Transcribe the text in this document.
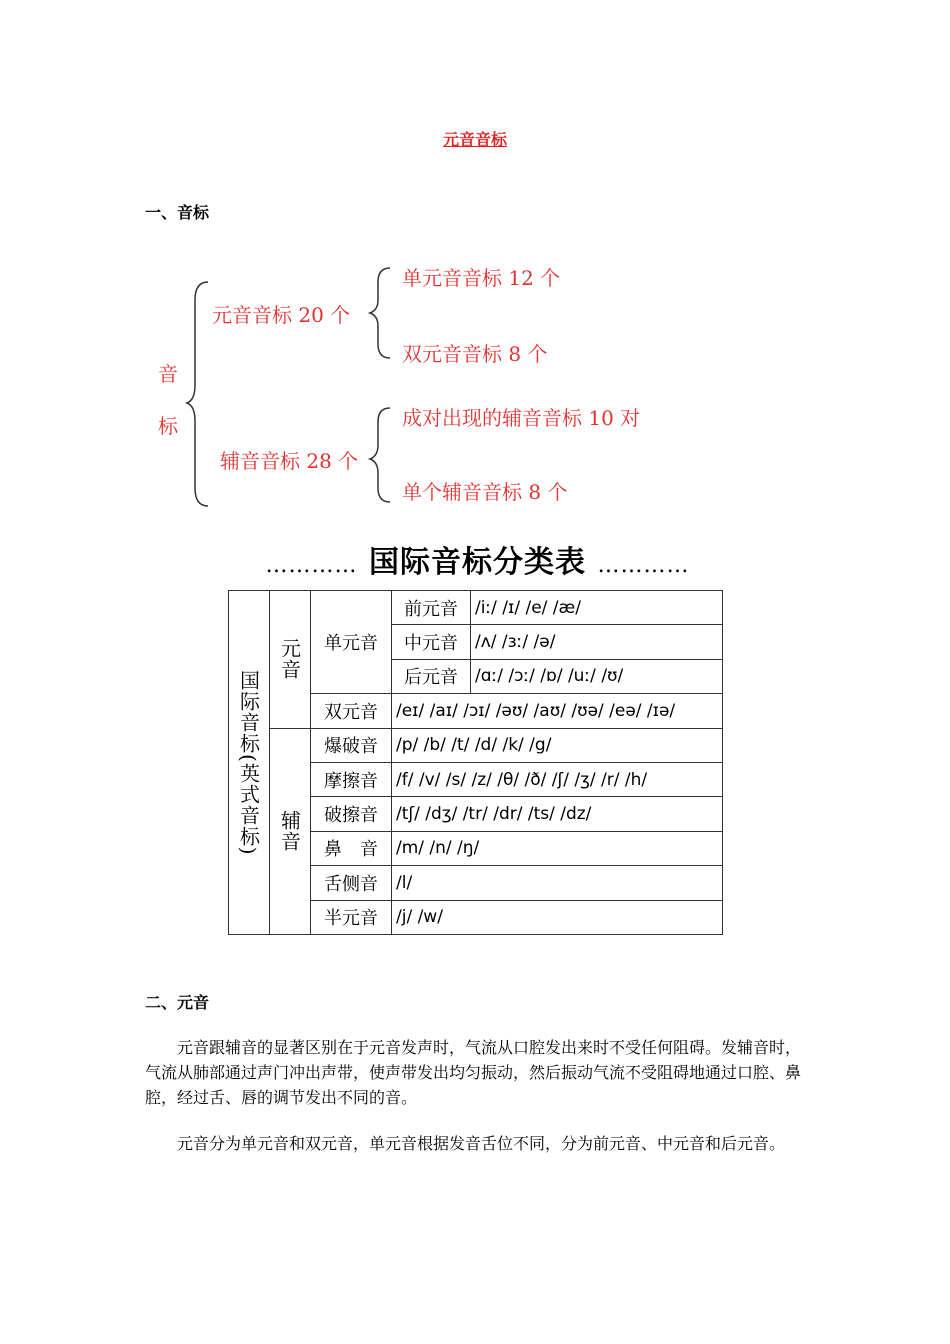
元音音标
一、音标
音
标
元音音标 20 个
单元音音标 12 个
双元音音标 8 个
辅音音标 28 个
成对出现的辅音音标 10 对
单个辅音音标 8 个
………… 国际音标分类表 …………
国际音标(英式音标)	元音	单元音	前元音	/iː/ /ɪ/ /e/ /æ/
			中元音	/ʌ/ /ɜː/ /ə/
			后元音	/ɑː/ /ɔː/ /ɒ/ /uː/ /ʊ/
		双元音	/eɪ/ /aɪ/ /ɔɪ/ /əʊ/ /aʊ/ /ʊə/ /eə/ /ɪə/	
	辅音	爆破音	/p/ /b/ /t/ /d/ /k/ /g/	
		摩擦音	/f/ /v/ /s/ /z/ /θ/ /ð/ /ʃ/ /ʒ/ /r/ /h/	
		破擦音	/tʃ/ /dʒ/ /tr/ /dr/ /ts/ /dz/	
		鼻　音	/m/ /n/ /ŋ/	
		舌侧音	/l/	
		半元音	/j/ /w/	
二、元音

元音跟辅音的显著区别在于元音发声时，气流从口腔发出来时不受任何阻碍。发辅音时，气流从肺部通过声门冲出声带，使声带发出均匀振动，然后振动气流不受阻碍地通过口腔、鼻腔，经过舌、唇的调节发出不同的音。

元音分为单元音和双元音，单元音根据发音舌位不同，分为前元音、中元音和后元音。
